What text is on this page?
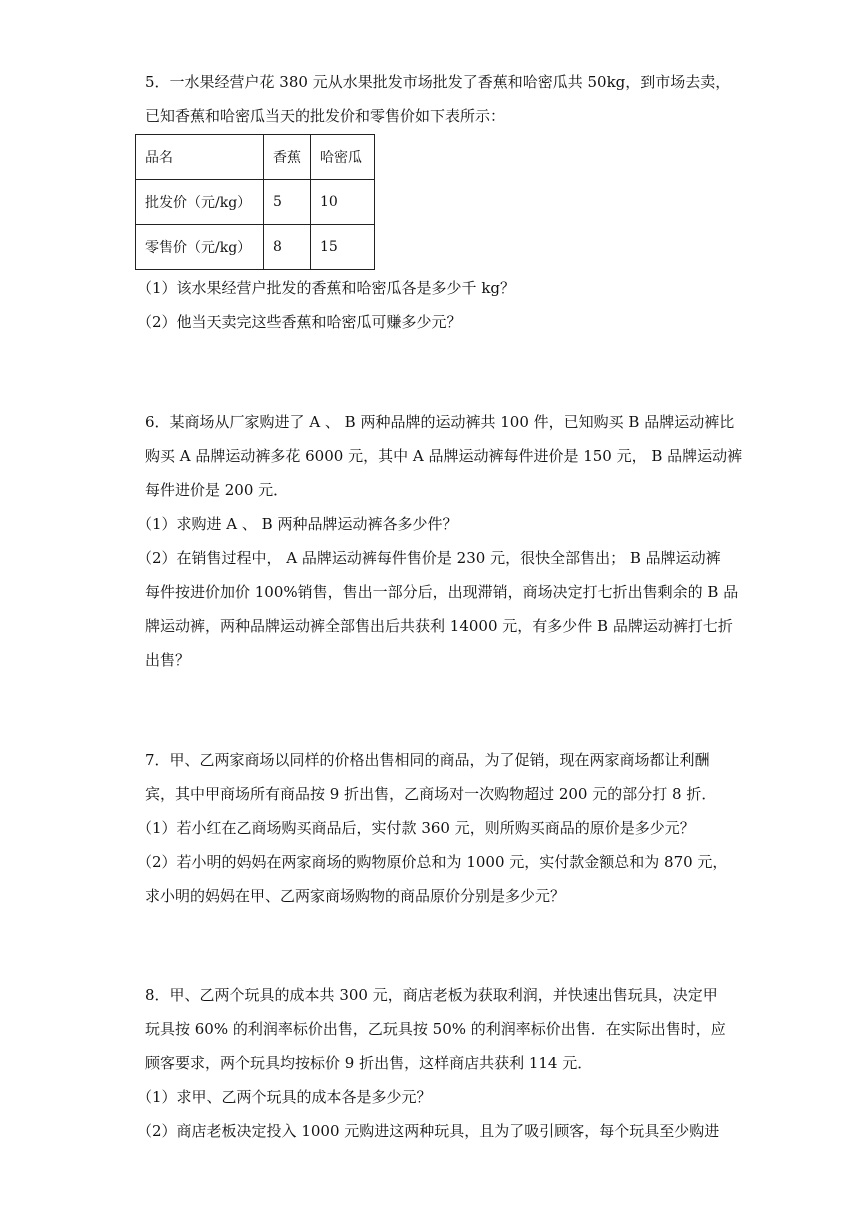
5．一水果经营户花 380 元从水果批发市场批发了香蕉和哈密瓜共 50kg，到市场去卖，
已知香蕉和哈密瓜当天的批发价和零售价如下表所示：
品名	香蕉	哈密瓜
批发价（元/kg）	5	10
零售价（元/kg）	8	15
（1）该水果经营户批发的香蕉和哈密瓜各是多少千 kg？
（2）他当天卖完这些香蕉和哈密瓜可赚多少元？
6．某商场从厂家购进了 A 、 B 两种品牌的运动裤共 100 件，已知购买 B 品牌运动裤比
购买 A 品牌运动裤多花 6000 元，其中 A 品牌运动裤每件进价是 150 元， B 品牌运动裤
每件进价是 200 元．
（1）求购进 A 、 B 两种品牌运动裤各多少件？
（2）在销售过程中， A 品牌运动裤每件售价是 230 元，很快全部售出； B 品牌运动裤
每件按进价加价 100%销售，售出一部分后，出现滞销，商场决定打七折出售剩余的 B 品
牌运动裤，两种品牌运动裤全部售出后共获利 14000 元，有多少件 B 品牌运动裤打七折
出售？
7．甲、乙两家商场以同样的价格出售相同的商品，为了促销，现在两家商场都让利酬
宾，其中甲商场所有商品按 9 折出售，乙商场对一次购物超过 200 元的部分打 8 折．
（1）若小红在乙商场购买商品后，实付款 360 元，则所购买商品的原价是多少元？
（2）若小明的妈妈在两家商场的购物原价总和为 1000 元，实付款金额总和为 870 元，
求小明的妈妈在甲、乙两家商场购物的商品原价分别是多少元？
8．甲、乙两个玩具的成本共 300 元，商店老板为获取利润，并快速出售玩具，决定甲
玩具按 60% 的利润率标价出售，乙玩具按 50% 的利润率标价出售．在实际出售时，应
顾客要求，两个玩具均按标价 9 折出售，这样商店共获利 114 元．
（1）求甲、乙两个玩具的成本各是多少元？
（2）商店老板决定投入 1000 元购进这两种玩具，且为了吸引顾客，每个玩具至少购进
